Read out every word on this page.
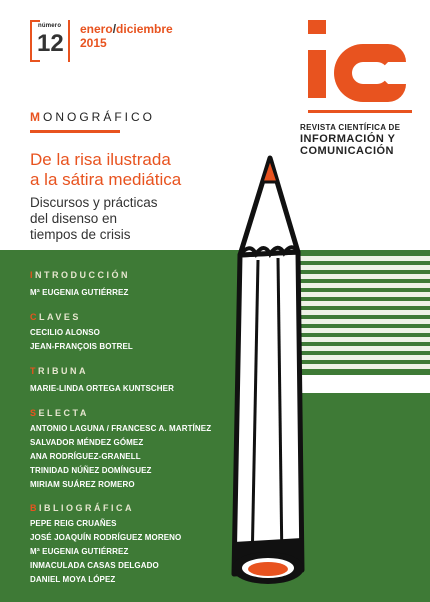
número
12
enero/diciembre
2015
REVISTA CIENTÍFICA DE
INFORMACIÓN Y
COMUNICACIÓN
MONOGRÁFICO
De la risa ilustrada
a la sátira mediática
Discursos y prácticas
del disenso en
tiempos de crisis
INTRODUCCIÓN
Mª EUGENIA GUTIÉRREZ
CLAVES
CECILIO ALONSO
JEAN-FRANÇOIS BOTREL
TRIBUNA
MARIE-LINDA ORTEGA KUNTSCHER
SELECTA
ANTONIO LAGUNA / FRANCESC A. MARTÍNEZ
SALVADOR MÉNDEZ GÓMEZ
ANA RODRÍGUEZ-GRANELL
TRINIDAD NÚÑEZ DOMÍNGUEZ
MIRIAM SUÁREZ ROMERO
BIBLIOGRÁFICA
PEPE REIG CRUAÑES
JOSÉ JOAQUÍN RODRÍGUEZ MORENO
Mª EUGENIA GUTIÉRREZ
INMACULADA CASAS DELGADO
DANIEL MOYA LÓPEZ
